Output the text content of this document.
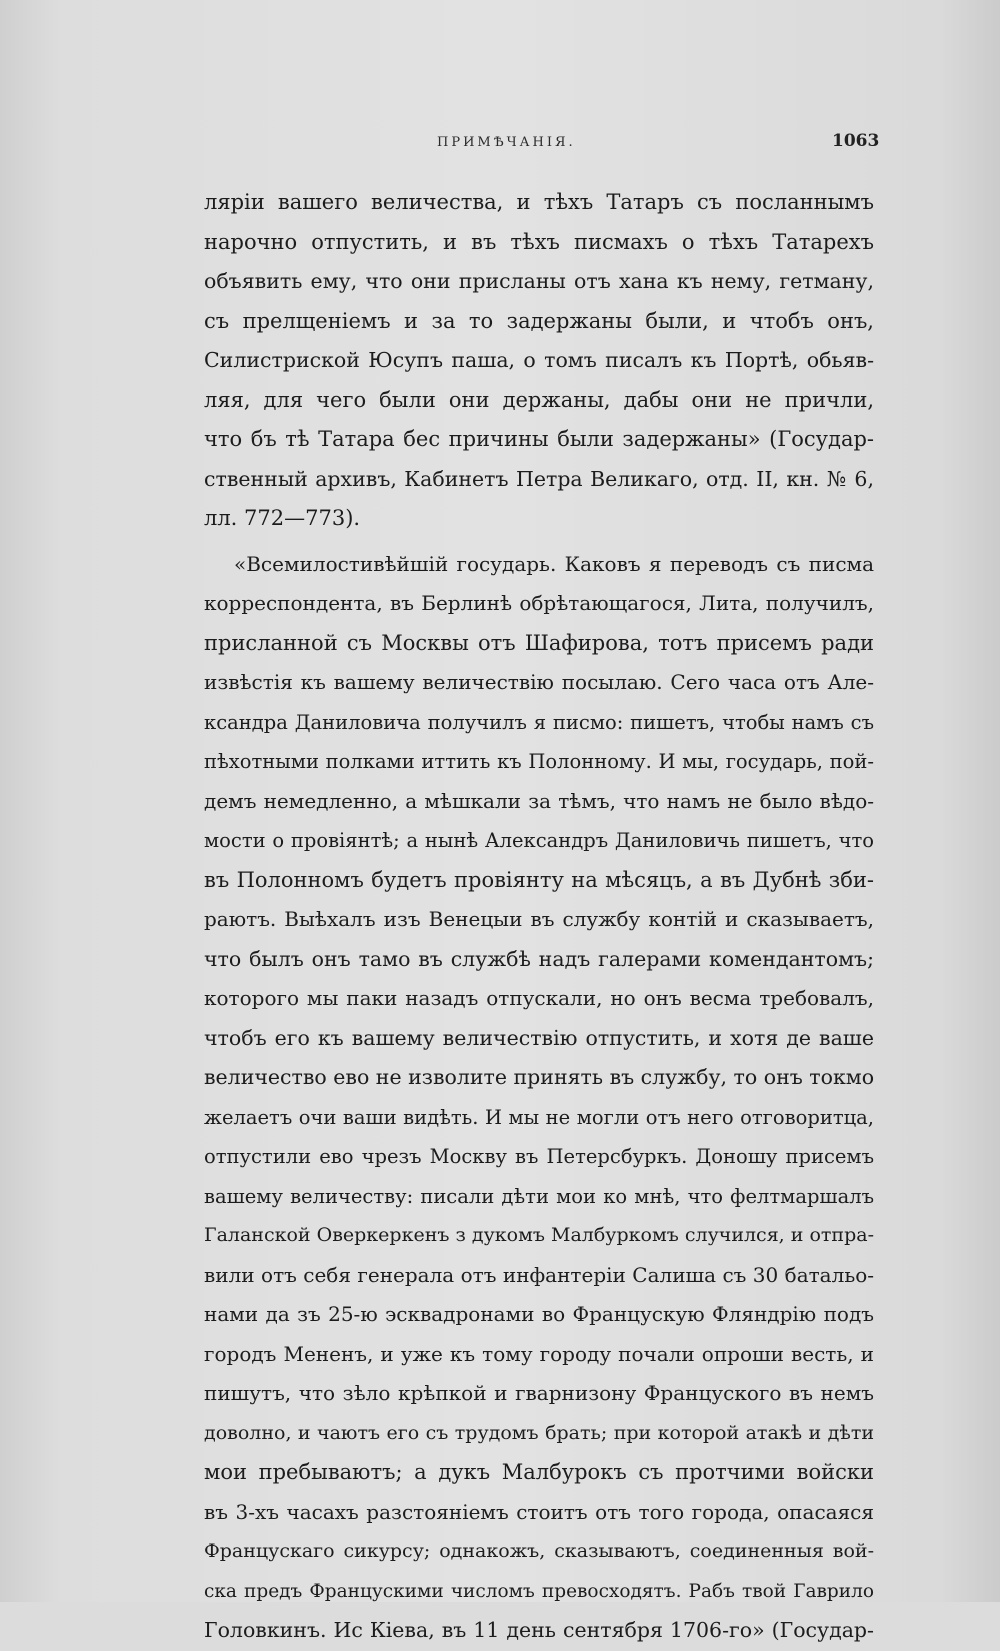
ПРИМѢЧАНІЯ.	1063
ляріи вашего величества, и тѣхъ Татаръ съ посланнымъ
нарочно отпустить, и въ тѣхъ писмахъ о тѣхъ Татарехъ
объявить ему, что они присланы отъ хана къ нему, гетману,
съ прелщеніемъ и за то задержаны были, и чтобъ онъ,
Силистриской Юсупъ паша, о томъ писалъ къ Портѣ, обьяв-
ляя, для чего были они держаны, дабы они не причли,
что бъ тѣ Татара бес причины были задержаны» (Государ-
ственный архивъ, Кабинетъ Петра Великаго, отд. II, кн. № 6,
лл. 772—773).
«Всемилостивѣйшій государь. Каковъ я переводъ съ писма
корреспондента, въ Берлинѣ обрѣтающагося, Лита, получилъ,
присланной съ Москвы отъ Шафирова, тотъ присемъ ради
извѣстія къ вашему величествію посылаю. Сего часа отъ Але-
ксандра Даниловича получилъ я писмо: пишетъ, чтобы намъ съ
пѣхотными полками иттить къ Полонному. И мы, государь, пой-
демъ немедленно, а мѣшкали за тѣмъ, что намъ не было вѣдо-
мости о провіянтѣ; а нынѣ Александръ Даниловичь пишетъ, что
въ Полонномъ будетъ провіянту на мѣсяцъ, а въ Дубнѣ зби-
раютъ. Выѣхалъ изъ Венецыи въ службу контій и сказываетъ,
что былъ онъ тамо въ службѣ надъ галерами комендантомъ;
которого мы паки назадъ отпускали, но онъ весма требовалъ,
чтобъ его къ вашему величествію отпустить, и хотя де ваше
величество ево не изволите принять въ службу, то онъ токмо
желаетъ очи ваши видѣть. И мы не могли отъ него отговоритца,
отпустили ево чрезъ Москву въ Петерсбуркъ. Доношу присемъ
вашему величеству: писали дѣти мои ко мнѣ, что фелтмаршалъ
Галанской Оверкеркенъ з дукомъ Малбуркомъ случился, и отпра-
вили отъ себя генерала отъ инфантеріи Салиша съ 30 батальо-
нами да зъ 25-ю эсквадронами во Францускую Фляндрію подъ
городъ Мененъ, и уже къ тому городу почали опроши весть, и
пишутъ, что зѣло крѣпкой и гварнизону Францускогo въ немъ
доволно, и чаютъ его съ трудомъ брать; при которой атакѣ и дѣти
мои пребываютъ; а дукъ Малбурокъ съ протчими войски
въ 3-хъ часахъ разстояніемъ стоитъ отъ того города, опасаяся
Францускаго сикурсу; однакожъ, сказываютъ, соединенныя вой-
ска предъ Францускими числомъ превосходятъ. Рабъ твой Гаврило
Головкинъ. Ис Кіева, въ 11 день сентября 1706-го» (Государ-
